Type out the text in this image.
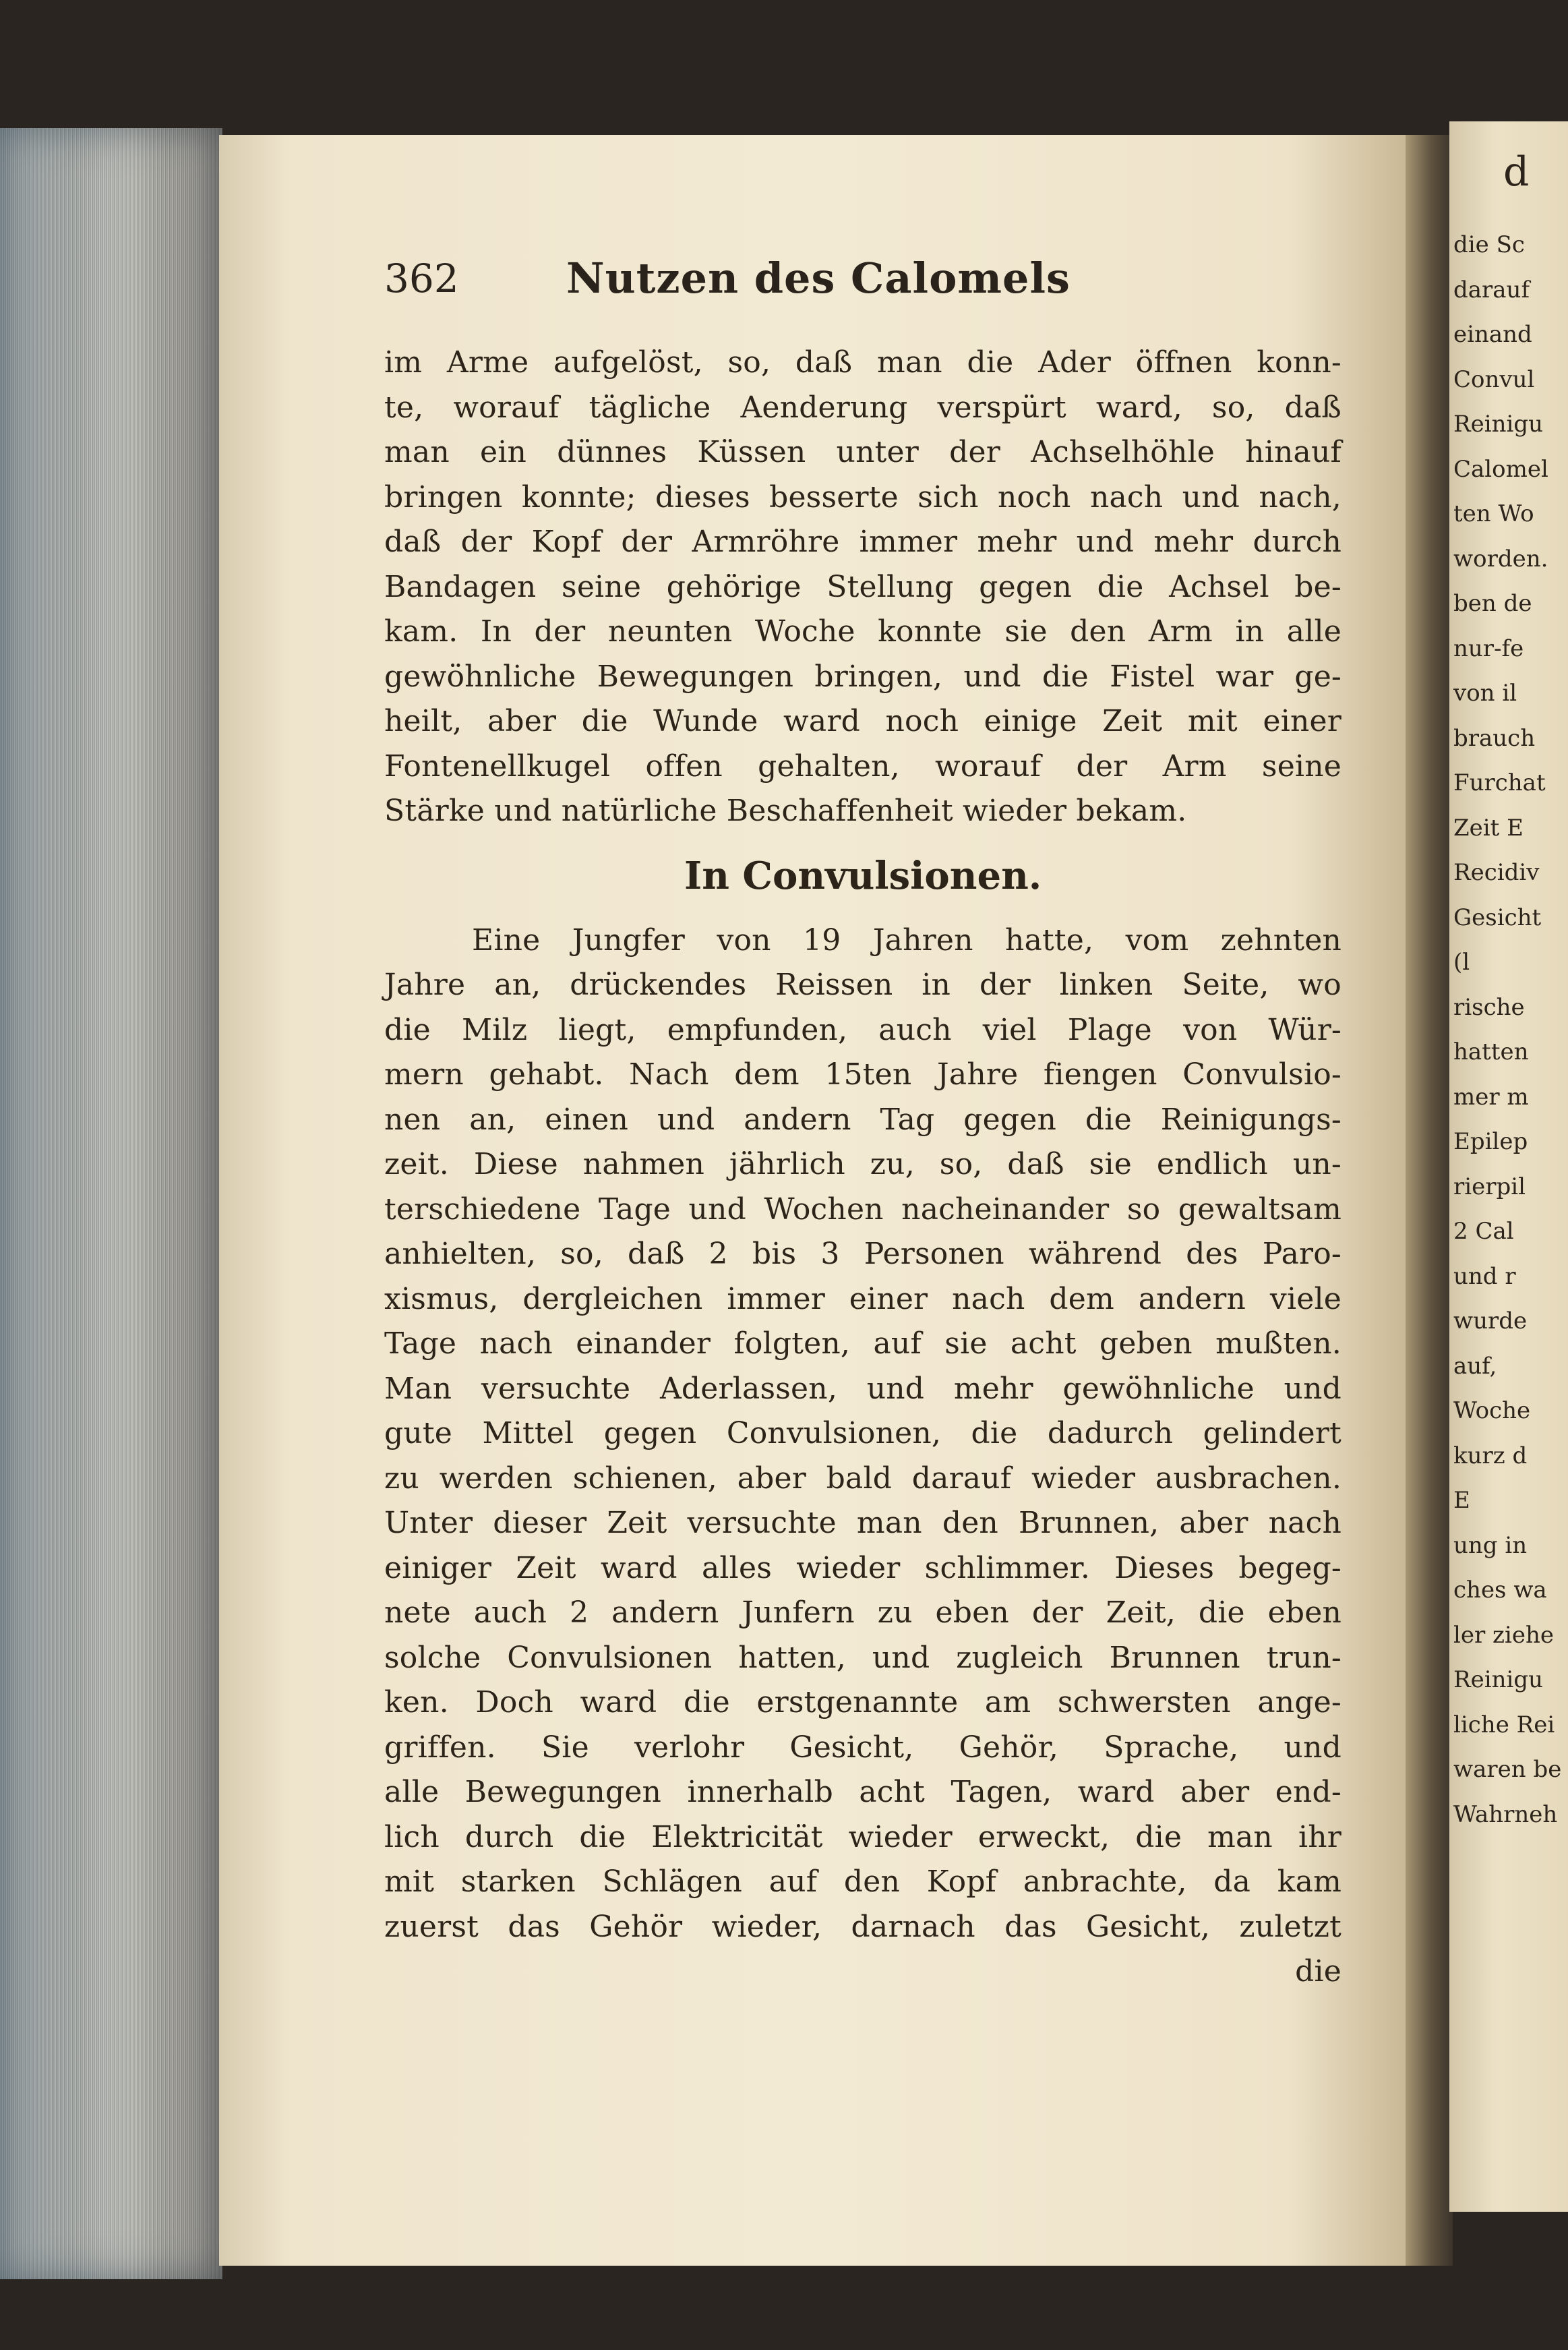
d
die Sc
darauf
einand
Convul
Reinigu
Calomel
ten Wo
worden.
ben de
nur-fe
von il
brauch
Furchat
Zeit E
Recidiv
Gesicht
(l
rische
hatten
mer m
Epilep
rierpil
2 Cal
und r
wurde
auf,
Woche
kurz d
E
ung in
ches wa
ler ziehe
Reinigu
liche Rei
waren be
Wahrneh
362	Nutzen des Calomels
im Arme aufgelöst, so, daß man die Ader öffnen konn-
te, worauf tägliche Aenderung verspürt ward, so, daß
man ein dünnes Küssen unter der Achselhöhle hinauf
bringen konnte; dieses besserte sich noch nach und nach,
daß der Kopf der Armröhre immer mehr und mehr durch
Bandagen seine gehörige Stellung gegen die Achsel be-
kam. In der neunten Woche konnte sie den Arm in alle
gewöhnliche Bewegungen bringen, und die Fistel war ge-
heilt, aber die Wunde ward noch einige Zeit mit einer
Fontenellkugel offen gehalten, worauf der Arm seine
Stärke und natürliche Beschaffenheit wieder bekam.
In Convulsionen.
Eine Jungfer von 19 Jahren hatte, vom zehnten
Jahre an, drückendes Reissen in der linken Seite, wo
die Milz liegt, empfunden, auch viel Plage von Wür-
mern gehabt. Nach dem 15ten Jahre fiengen Convulsio-
nen an, einen und andern Tag gegen die Reinigungs-
zeit. Diese nahmen jährlich zu, so, daß sie endlich un-
terschiedene Tage und Wochen nacheinander so gewaltsam
anhielten, so, daß 2 bis 3 Personen während des Paro-
xismus, dergleichen immer einer nach dem andern viele
Tage nach einander folgten, auf sie acht geben mußten.
Man versuchte Aderlassen, und mehr gewöhnliche und
gute Mittel gegen Convulsionen, die dadurch gelindert
zu werden schienen, aber bald darauf wieder ausbrachen.
Unter dieser Zeit versuchte man den Brunnen, aber nach
einiger Zeit ward alles wieder schlimmer. Dieses begeg-
nete auch 2 andern Junfern zu eben der Zeit, die eben
solche Convulsionen hatten, und zugleich Brunnen trun-
ken. Doch ward die erstgenannte am schwersten ange-
griffen. Sie verlohr Gesicht, Gehör, Sprache, und
alle Bewegungen innerhalb acht Tagen, ward aber end-
lich durch die Elektricität wieder erweckt, die man ihr
mit starken Schlägen auf den Kopf anbrachte, da kam
zuerst das Gehör wieder, darnach das Gesicht, zuletzt
die
